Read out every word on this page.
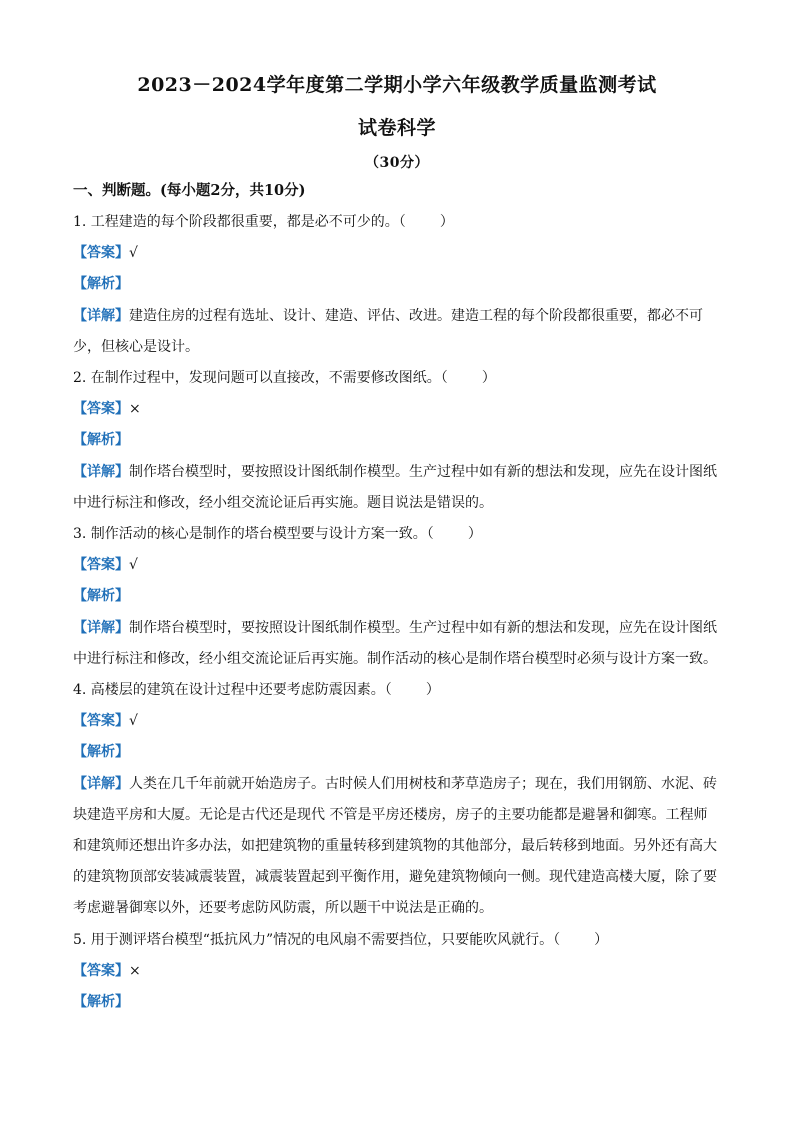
2023－2024学年度第二学期小学六年级教学质量监测考试
试卷科学
（30分）
一、判断题。(每小题2分，共10分)
1. 工程建造的每个阶段都很重要，都是必不可少的。（ ）
【答案】√
【解析】
【详解】建造住房的过程有选址、设计、建造、评估、改进。建造工程的每个阶段都很重要，都必不可
少，但核心是设计。
2. 在制作过程中，发现问题可以直接改，不需要修改图纸。（ ）
【答案】×
【解析】
【详解】制作塔台模型时，要按照设计图纸制作模型。生产过程中如有新的想法和发现，应先在设计图纸
中进行标注和修改，经小组交流论证后再实施。题目说法是错误的。
3. 制作活动的核心是制作的塔台模型要与设计方案一致。（ ）
【答案】√
【解析】
【详解】制作塔台模型时，要按照设计图纸制作模型。生产过程中如有新的想法和发现，应先在设计图纸
中进行标注和修改，经小组交流论证后再实施。制作活动的核心是制作塔台模型时必须与设计方案一致。
4. 高楼层的建筑在设计过程中还要考虑防震因素。（ ）
【答案】√
【解析】
【详解】人类在几千年前就开始造房子。古时候人们用树枝和茅草造房子；现在，我们用钢筋、水泥、砖
块建造平房和大厦。无论是古代还是现代 不管是平房还楼房，房子的主要功能都是避暑和御寒。工程师
和建筑师还想出许多办法，如把建筑物的重量转移到建筑物的其他部分，最后转移到地面。另外还有高大
的建筑物顶部安装减震装置，减震装置起到平衡作用，避免建筑物倾向一侧。现代建造高楼大厦，除了要
考虑避暑御寒以外，还要考虑防风防震，所以题干中说法是正确的。
5. 用于测评塔台模型“抵抗风力”情况的电风扇不需要挡位，只要能吹风就行。（ ）
【答案】×
【解析】
